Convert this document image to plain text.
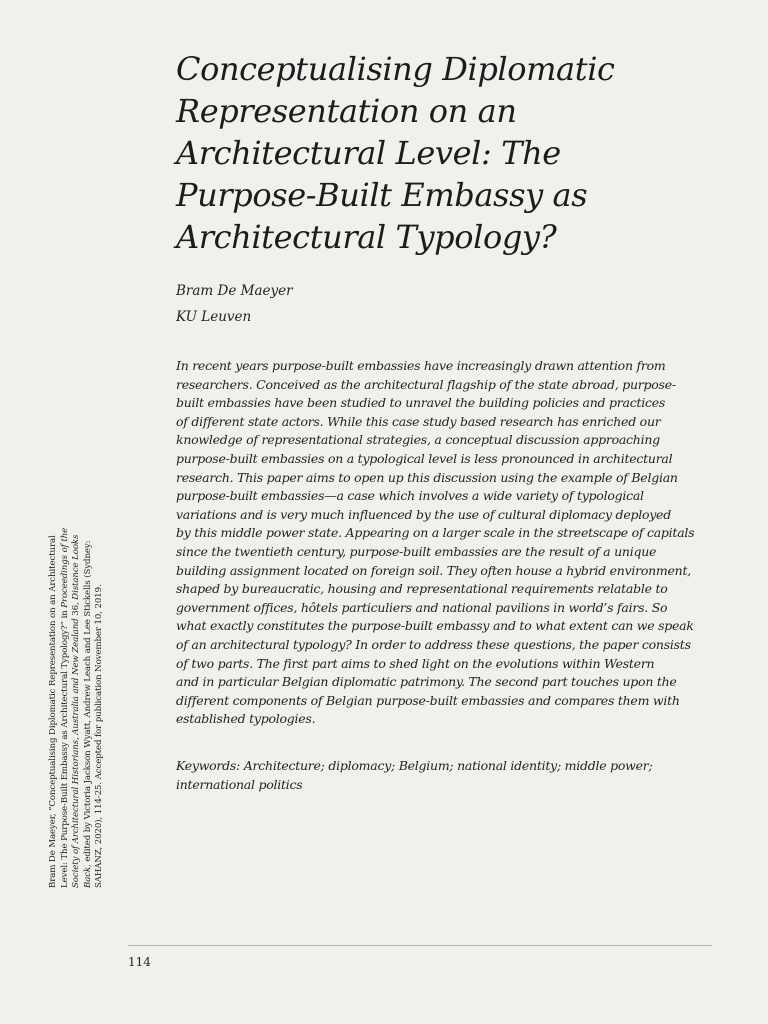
Conceptualising Diplomatic
Representation on an
Architectural Level: The
Purpose-Built Embassy as
Architectural Typology?
Bram De Maeyer
KU Leuven

In recent years purpose-built embassies have increasingly drawn attention from
researchers. Conceived as the architectural flagship of the state abroad, purpose-
built embassies have been studied to unravel the building policies and practices
of different state actors. While this case study based research has enriched our
knowledge of representational strategies, a conceptual discussion approaching
purpose-built embassies on a typological level is less pronounced in architectural
research. This paper aims to open up this discussion using the example of Belgian
purpose-built embassies—a case which involves a wide variety of typological
variations and is very much influenced by the use of cultural diplomacy deployed
by this middle power state. Appearing on a larger scale in the streetscape of capitals
since the twentieth century, purpose-built embassies are the result of a unique
building assignment located on foreign soil. They often house a hybrid environment,
shaped by bureaucratic, housing and representational requirements relatable to
government offices, hôtels particuliers and national pavilions in world’s fairs. So
what exactly constitutes the purpose-built embassy and to what extent can we speak
of an architectural typology? In order to address these questions, the paper consists
of two parts. The first part aims to shed light on the evolutions within Western
and in particular Belgian diplomatic patrimony. The second part touches upon the
different components of Belgian purpose-built embassies and compares them with
established typologies.

Keywords: Architecture; diplomacy; Belgium; national identity; middle power;
international politics

Bram De Maeyer, “Conceptualising Diplomatic Representation on an Architectural Level: The Purpose-Built Embassy as Architectural Typology?” in Proceedings of the
Society of Architectural Historians, Australia and New Zealand 36, Distance Looks
Back, edited by Victoria Jackson Wyatt, Andrew Leach and Lee Stickells (Sydney: SAHANZ, 2020), 114-25. Accepted for publication November 10, 2019.
114
